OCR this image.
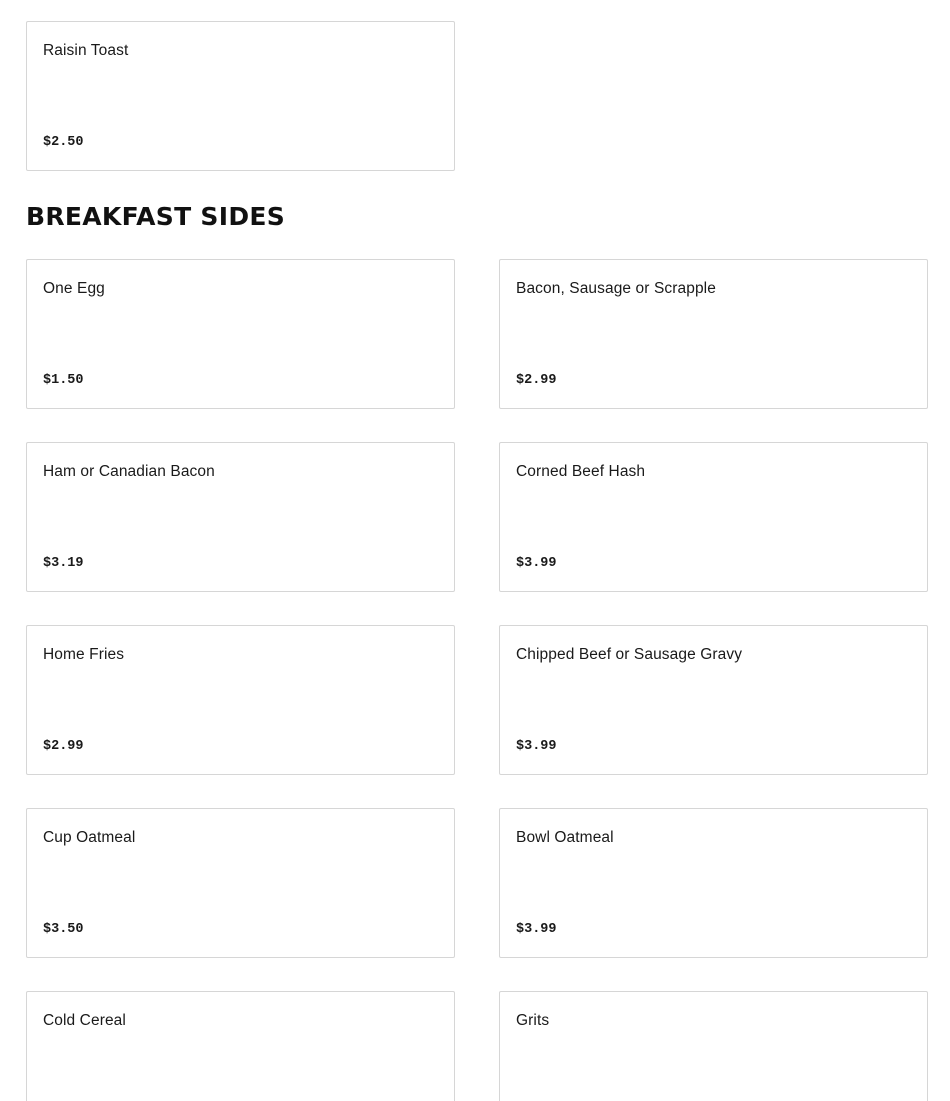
Raisin Toast
$2.50
BREAKFAST SIDES
One Egg
$1.50
Bacon, Sausage or Scrapple
$2.99
Ham or Canadian Bacon
$3.19
Corned Beef Hash
$3.99
Home Fries
$2.99
Chipped Beef or Sausage Gravy
$3.99
Cup Oatmeal
$3.50
Bowl Oatmeal
$3.99
Cold Cereal	Grits
